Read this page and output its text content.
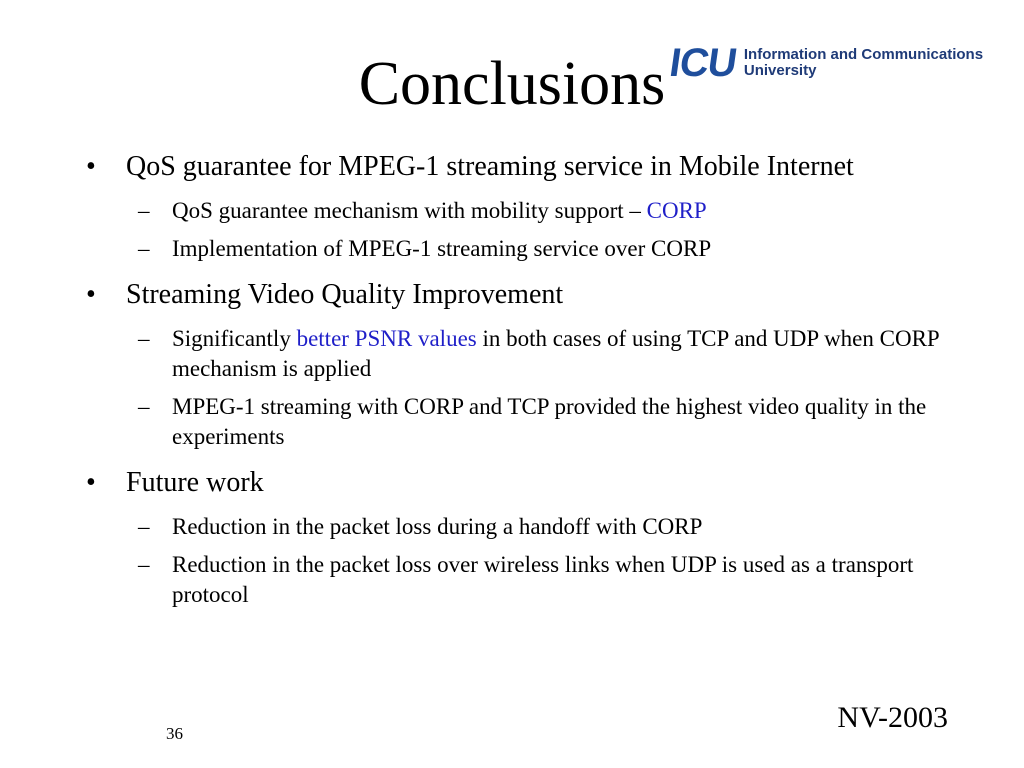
Conclusions ICU Information and Communications
University
• QoS guarantee for MPEG-1 streaming service in Mobile Internet
– QoS guarantee mechanism with mobility support – CORP
– Implementation of MPEG-1 streaming service over CORP
• Streaming Video Quality Improvement
– Significantly better PSNR values in both cases of using TCP and UDP when CORP mechanism is applied
– MPEG-1 streaming with CORP and TCP provided the highest video quality in the experiments
• Future work
– Reduction in the packet loss during a handoff with CORP
– Reduction in the packet loss over wireless links when UDP is used as a transport protocol
NV-2003
36
